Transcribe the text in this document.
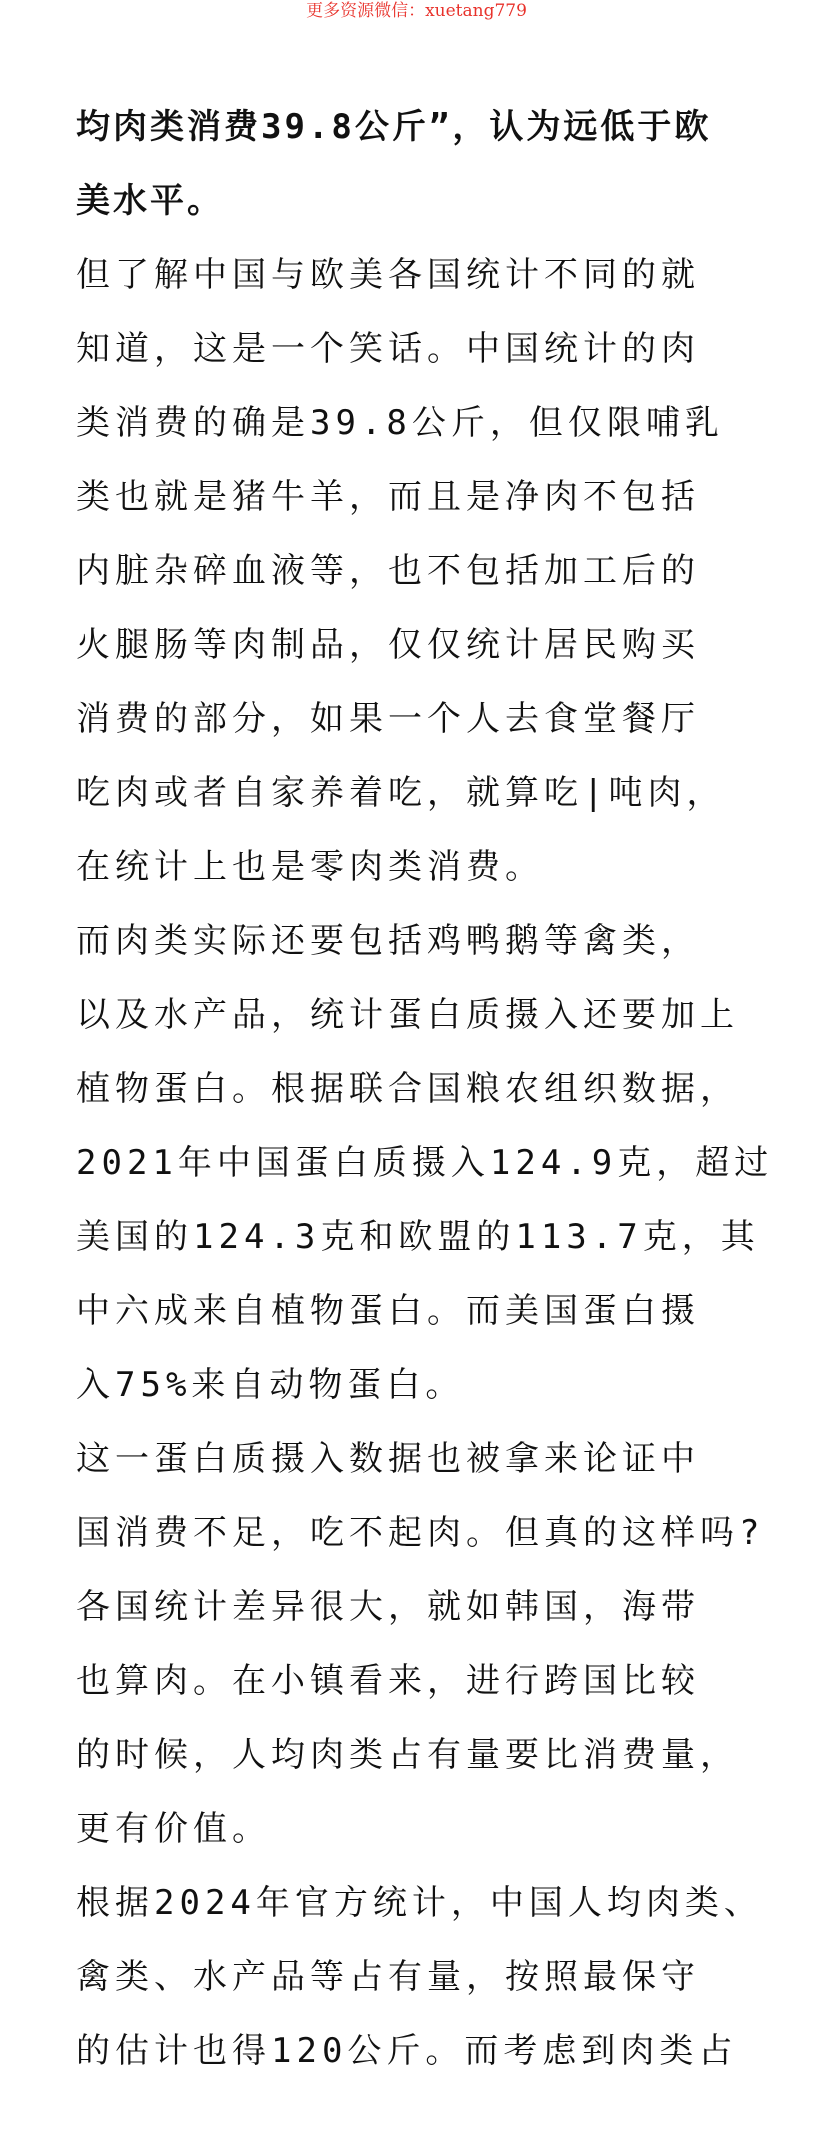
更多资源微信：xuetang779
均肉类消费39.8公斤”，认为远低于欧
美水平。
但了解中国与欧美各国统计不同的就
知道，这是一个笑话。中国统计的肉
类消费的确是39.8公斤，但仅限哺乳
类也就是猪牛羊，而且是净肉不包括
内脏杂碎血液等，也不包括加工后的
火腿肠等肉制品，仅仅统计居民购买
消费的部分，如果一个人去食堂餐厅
吃肉或者自家养着吃，就算吃|吨肉，
在统计上也是零肉类消费。
而肉类实际还要包括鸡鸭鹅等禽类，
以及水产品，统计蛋白质摄入还要加上
植物蛋白。根据联合国粮农组织数据，
2021年中国蛋白质摄入124.9克，超过
美国的124.3克和欧盟的113.7克，其
中六成来自植物蛋白。而美国蛋白摄
入75%来自动物蛋白。
这一蛋白质摄入数据也被拿来论证中
国消费不足，吃不起肉。但真的这样吗?
各国统计差异很大，就如韩国，海带
也算肉。在小镇看来，进行跨国比较
的时候，人均肉类占有量要比消费量，
更有价值。
根据2024年官方统计，中国人均肉类、
禽类、水产品等占有量，按照最保守
的估计也得120公斤。而考虑到肉类占
